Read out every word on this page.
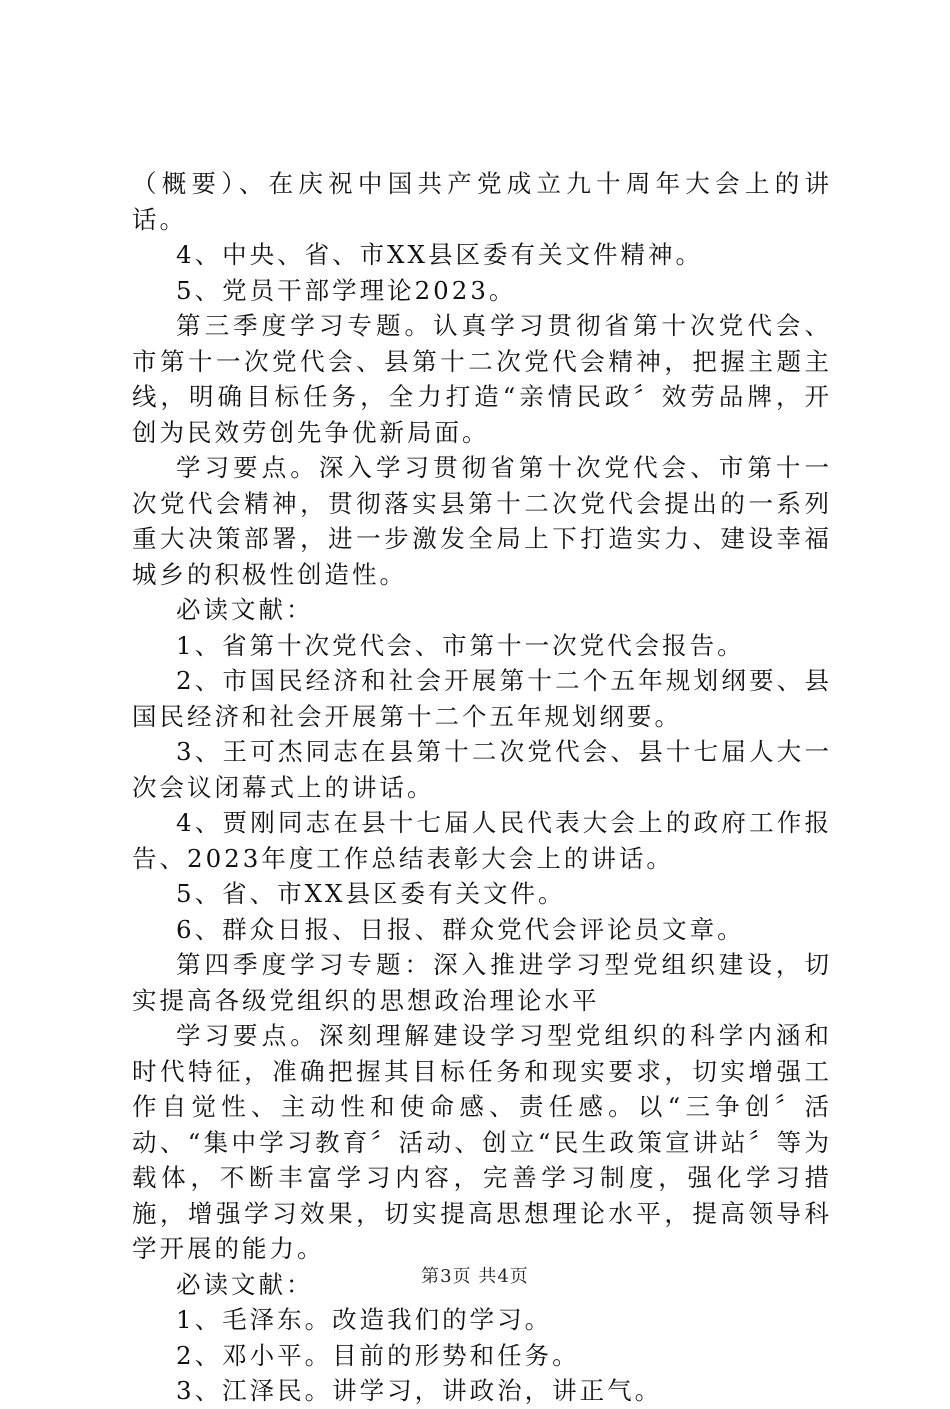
（概要）、在庆祝中国共产党成立九十周年大会上的讲话。

4、中央、省、市XX县区委有关文件精神。

5、党员干部学理论2023。

第三季度学习专题。认真学习贯彻省第十次党代会、市第十一次党代会、县第十二次党代会精神，把握主题主线，明确目标任务，全力打造“亲情民政〞效劳品牌，开创为民效劳创先争优新局面。

学习要点。深入学习贯彻省第十次党代会、市第十一次党代会精神，贯彻落实县第十二次党代会提出的一系列重大决策部署，进一步激发全局上下打造实力、建设幸福城乡的积极性创造性。

必读文献：

1、省第十次党代会、市第十一次党代会报告。

2、市国民经济和社会开展第十二个五年规划纲要、县国民经济和社会开展第十二个五年规划纲要。

3、王可杰同志在县第十二次党代会、县十七届人大一次会议闭幕式上的讲话。

4、贾刚同志在县十七届人民代表大会上的政府工作报告、2023年度工作总结表彰大会上的讲话。

5、省、市XX县区委有关文件。

6、群众日报、日报、群众党代会评论员文章。

第四季度学习专题：深入推进学习型党组织建设，切实提高各级党组织的思想政治理论水平

学习要点。深刻理解建设学习型党组织的科学内涵和时代特征，准确把握其目标任务和现实要求，切实增强工作自觉性、主动性和使命感、责任感。以“三争创〞活动、“集中学习教育〞活动、创立“民生政策宣讲站〞等为载体，不断丰富学习内容，完善学习制度，强化学习措施，增强学习效果，切实提高思想理论水平，提高领导科学开展的能力。

必读文献：

1、毛泽东。改造我们的学习。

2、邓小平。目前的形势和任务。

3、江泽民。讲学习，讲政治，讲正气。

第3页 共4页
